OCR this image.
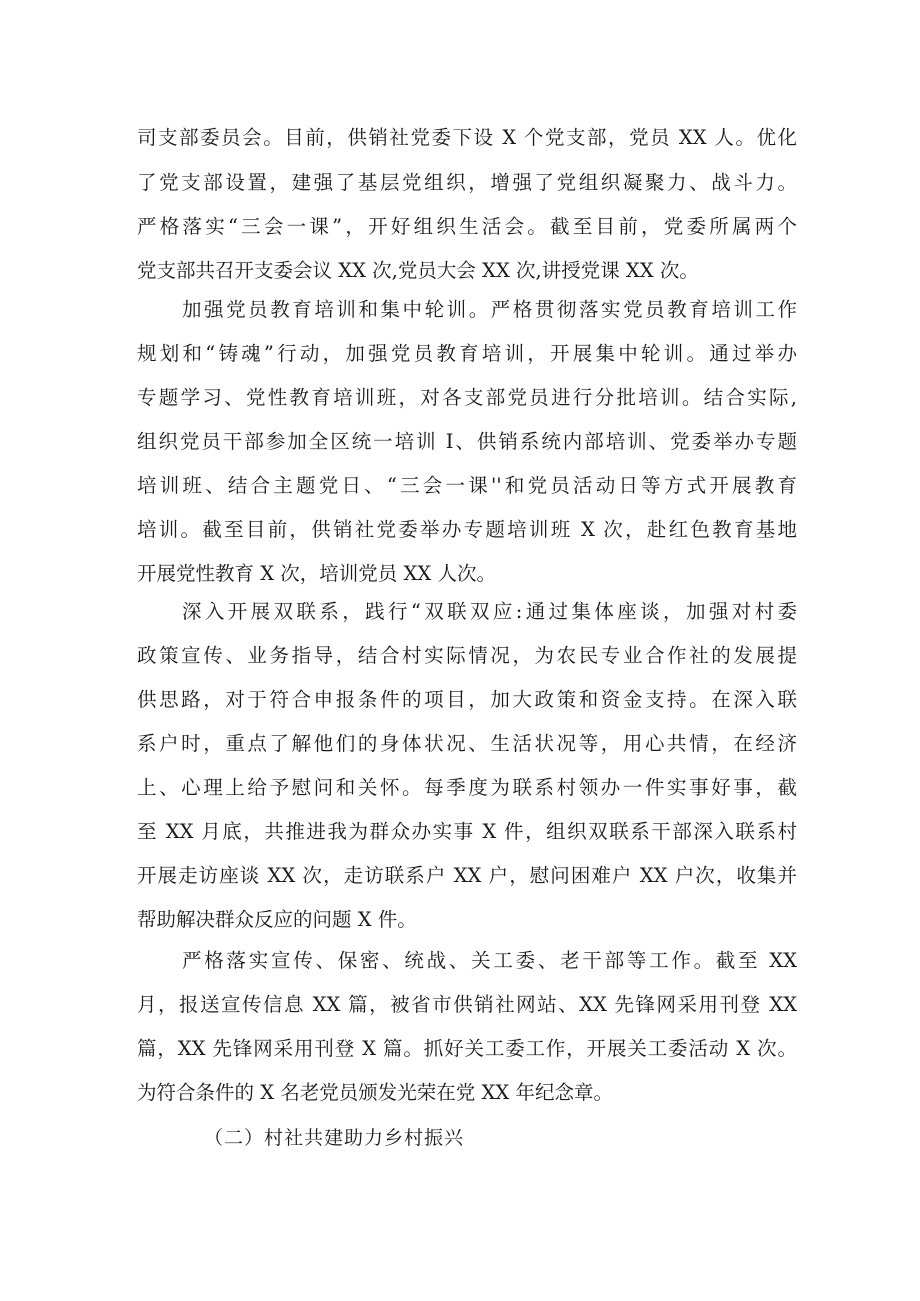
司支部委员会。目前，供销社党委下设 X 个党支部，党员 XX 人。优化
了党支部设置，建强了基层党组织，增强了党组织凝聚力、战斗力。
严格落实“三会一课”，开好组织生活会。截至目前，党委所属两个
党支部共召开支委会议 XX 次,党员大会 XX 次,讲授党课 XX 次。
加强党员教育培训和集中轮训。严格贯彻落实党员教育培训工作
规划和“铸魂”行动，加强党员教育培训，开展集中轮训。通过举办
专题学习、党性教育培训班，对各支部党员进行分批培训。结合实际,
组织党员干部参加全区统一培训 I、供销系统内部培训、党委举办专题
培训班、结合主题党日、“三会一课''和党员活动日等方式开展教育
培训。截至目前，供销社党委举办专题培训班 X 次，赴红色教育基地
开展党性教育 X 次，培训党员 XX 人次。
深入开展双联系，践行“双联双应:通过集体座谈，加强对村委
政策宣传、业务指导，结合村实际情况，为农民专业合作社的发展提
供思路，对于符合申报条件的项目，加大政策和资金支持。在深入联
系户时，重点了解他们的身体状况、生活状况等，用心共情，在经济
上、心理上给予慰问和关怀。每季度为联系村领办一件实事好事，截
至 XX 月底，共推进我为群众办实事 X 件，组织双联系干部深入联系村
开展走访座谈 XX 次，走访联系户 XX 户，慰问困难户 XX 户次，收集并
帮助解决群众反应的问题 X 件。
严格落实宣传、保密、统战、关工委、老干部等工作。截至 XX
月，报送宣传信息 XX 篇，被省市供销社网站、XX 先锋网采用刊登 XX
篇，XX 先锋网采用刊登 X 篇。抓好关工委工作，开展关工委活动 X 次。
为符合条件的 X 名老党员颁发光荣在党 XX 年纪念章。
（二）村社共建助力乡村振兴
